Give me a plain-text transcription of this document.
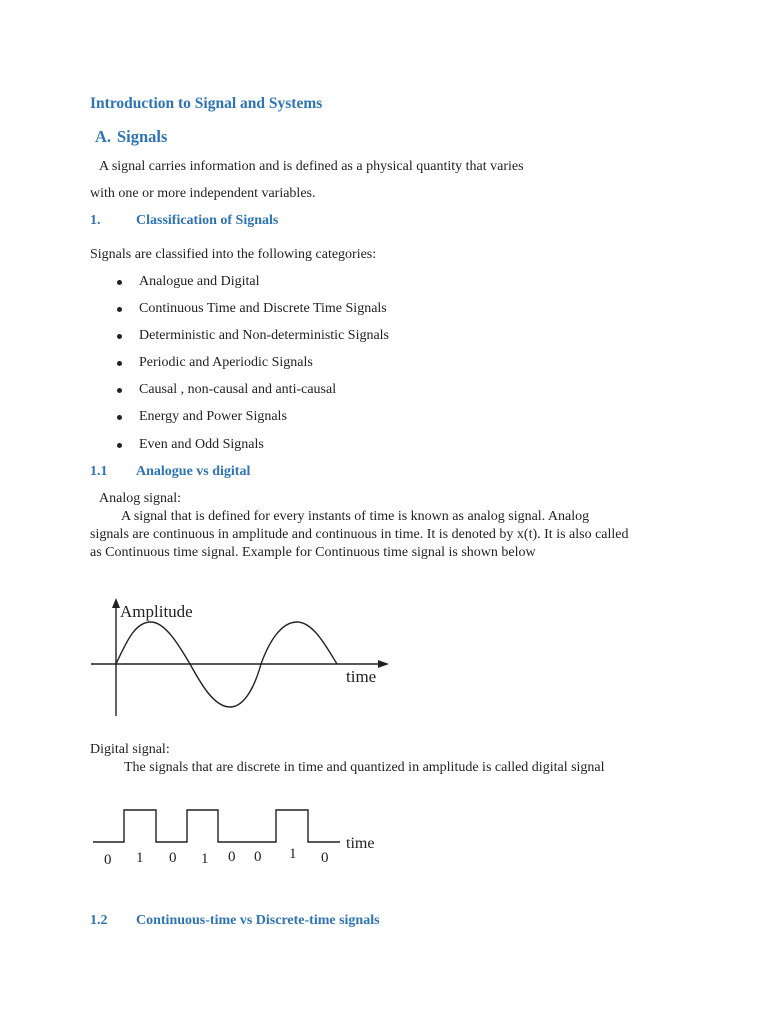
Introduction to Signal and Systems
A. Signals
A signal carries information and is defined as a physical quantity that varies
with one or more independent variables.
1.	Classification of Signals
Signals are classified into the following categories:
Analogue and Digital
Continuous Time and Discrete Time Signals
Deterministic and Non-deterministic Signals
Periodic and Aperiodic Signals
Causal , non-causal and anti-causal
Energy and Power Signals
Even and Odd Signals
1.1 Analogue vs digital
Analog signal:
A signal that is defined for every instants of time is known as analog signal. Analog
signals are continuous in amplitude and continuous in time. It is denoted by x(t). It is also called
as Continuous time signal. Example for Continuous time signal is shown below
Amplitude
time
Digital signal:
The signals that are discrete in time and quantized in amplitude is called digital signal
time
0 1 0 1 0 0 1 0
1.2 Continuous-time vs Discrete-time signals
